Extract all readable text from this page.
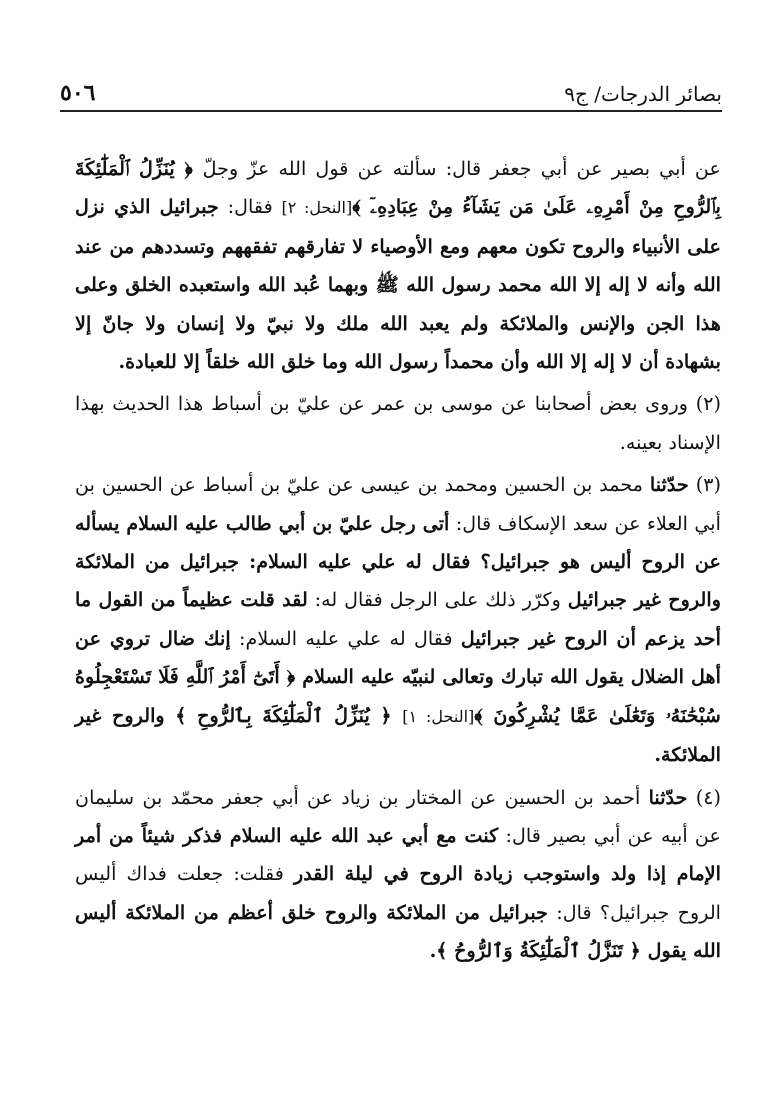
٥٠٦	بصائر الدرجات/ ج٩

عن أبي بصير عن أبي جعفر قال: سألته عن قول الله عزّ وجلّ ﴿ يُنَزِّلُ ٱلْمَلَٰٓئِكَةَ بِٱلرُّوحِ مِنْ أَمْرِهِۦ عَلَىٰ مَن يَشَآءُ مِنْ عِبَادِهِۦٓ ﴾[النحل: ٢] فقال: جبرائيل الذي نزل على الأنبياء والروح تكون معهم ومع الأوصياء لا تفارقهم تفقههم وتسددهم من عند الله وأنه لا إله إلا الله محمد رسول الله ﷺ وبهما عُبد الله واستعبده الخلق وعلى هذا الجن والإنس والملائكة ولم يعبد الله ملك ولا نبيّ ولا إنسان ولا جانّ إلا بشهادة أن لا إله إلا الله وأن محمداً رسول الله وما خلق الله خلقاً إلا للعبادة.

(٢) وروى بعض أصحابنا عن موسى بن عمر عن عليّ بن أسباط هذا الحديث بهذا الإسناد بعينه.

(٣) حدّثنا محمد بن الحسين ومحمد بن عيسى عن عليّ بن أسباط عن الحسين بن أبي العلاء عن سعد الإسكاف قال: أتى رجل عليّ بن أبي طالب عليه السلام يسأله عن الروح أليس هو جبرائيل؟ فقال له علي عليه السلام: جبرائيل من الملائكة والروح غير جبرائيل وكرّر ذلك على الرجل فقال له: لقد قلت عظيماً من القول ما أحد يزعم أن الروح غير جبرائيل فقال له علي عليه السلام: إنك ضال تروي عن أهل الضلال يقول الله تبارك وتعالى لنبيّه عليه السلام ﴿ أَتَىٰٓ أَمْرُ ٱللَّهِ فَلَا تَسْتَعْجِلُوهُ سُبْحَٰنَهُۥ وَتَعَٰلَىٰ عَمَّا يُشْرِكُونَ ﴾[النحل: ١] ﴿ يُنَزِّلُ ٱلْمَلَٰٓئِكَةَ بِٱلرُّوحِ ﴾ والروح غير الملائكة.

(٤) حدّثنا أحمد بن الحسين عن المختار بن زياد عن أبي جعفر محمّد بن سليمان عن أبيه عن أبي بصير قال: كنت مع أبي عبد الله عليه السلام فذكر شيئاً من أمر الإمام إذا ولد واستوجب زيادة الروح في ليلة القدر فقلت: جعلت فداك أليس الروح جبرائيل؟ قال: جبرائيل من الملائكة والروح خلق أعظم من الملائكة أليس الله يقول ﴿ تَنَزَّلُ ٱلْمَلَٰٓئِكَةُ وَٱلرُّوحُ ﴾.
